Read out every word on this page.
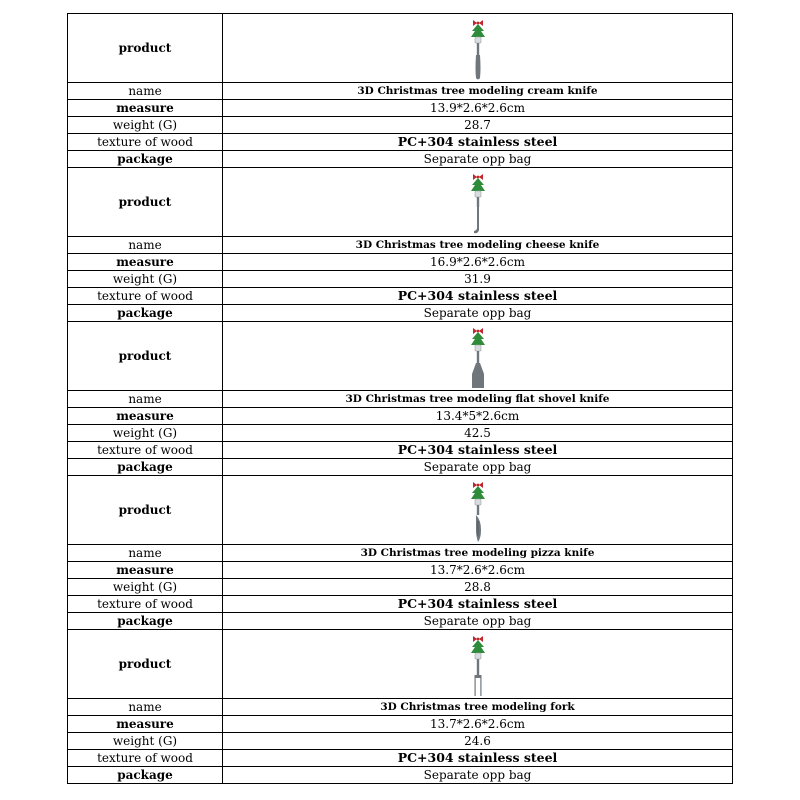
product	

name	3D Christmas tree modeling cream knife
measure	13.9*2.6*2.6cm
weight (G)	28.7
texture of wood	PC+304 stainless steel
package	Separate opp bag
product	

name	3D Christmas tree modeling cheese knife
measure	16.9*2.6*2.6cm
weight (G)	31.9
texture of wood	PC+304 stainless steel
package	Separate opp bag
product	

name	3D Christmas tree modeling flat shovel knife
measure	13.4*5*2.6cm
weight (G)	42.5
texture of wood	PC+304 stainless steel
package	Separate opp bag
product	

name	3D Christmas tree modeling pizza knife
measure	13.7*2.6*2.6cm
weight (G)	28.8
texture of wood	PC+304 stainless steel
package	Separate opp bag
product	

name	3D Christmas tree modeling fork
measure	13.7*2.6*2.6cm
weight (G)	24.6
texture of wood	PC+304 stainless steel
package	Separate opp bag
